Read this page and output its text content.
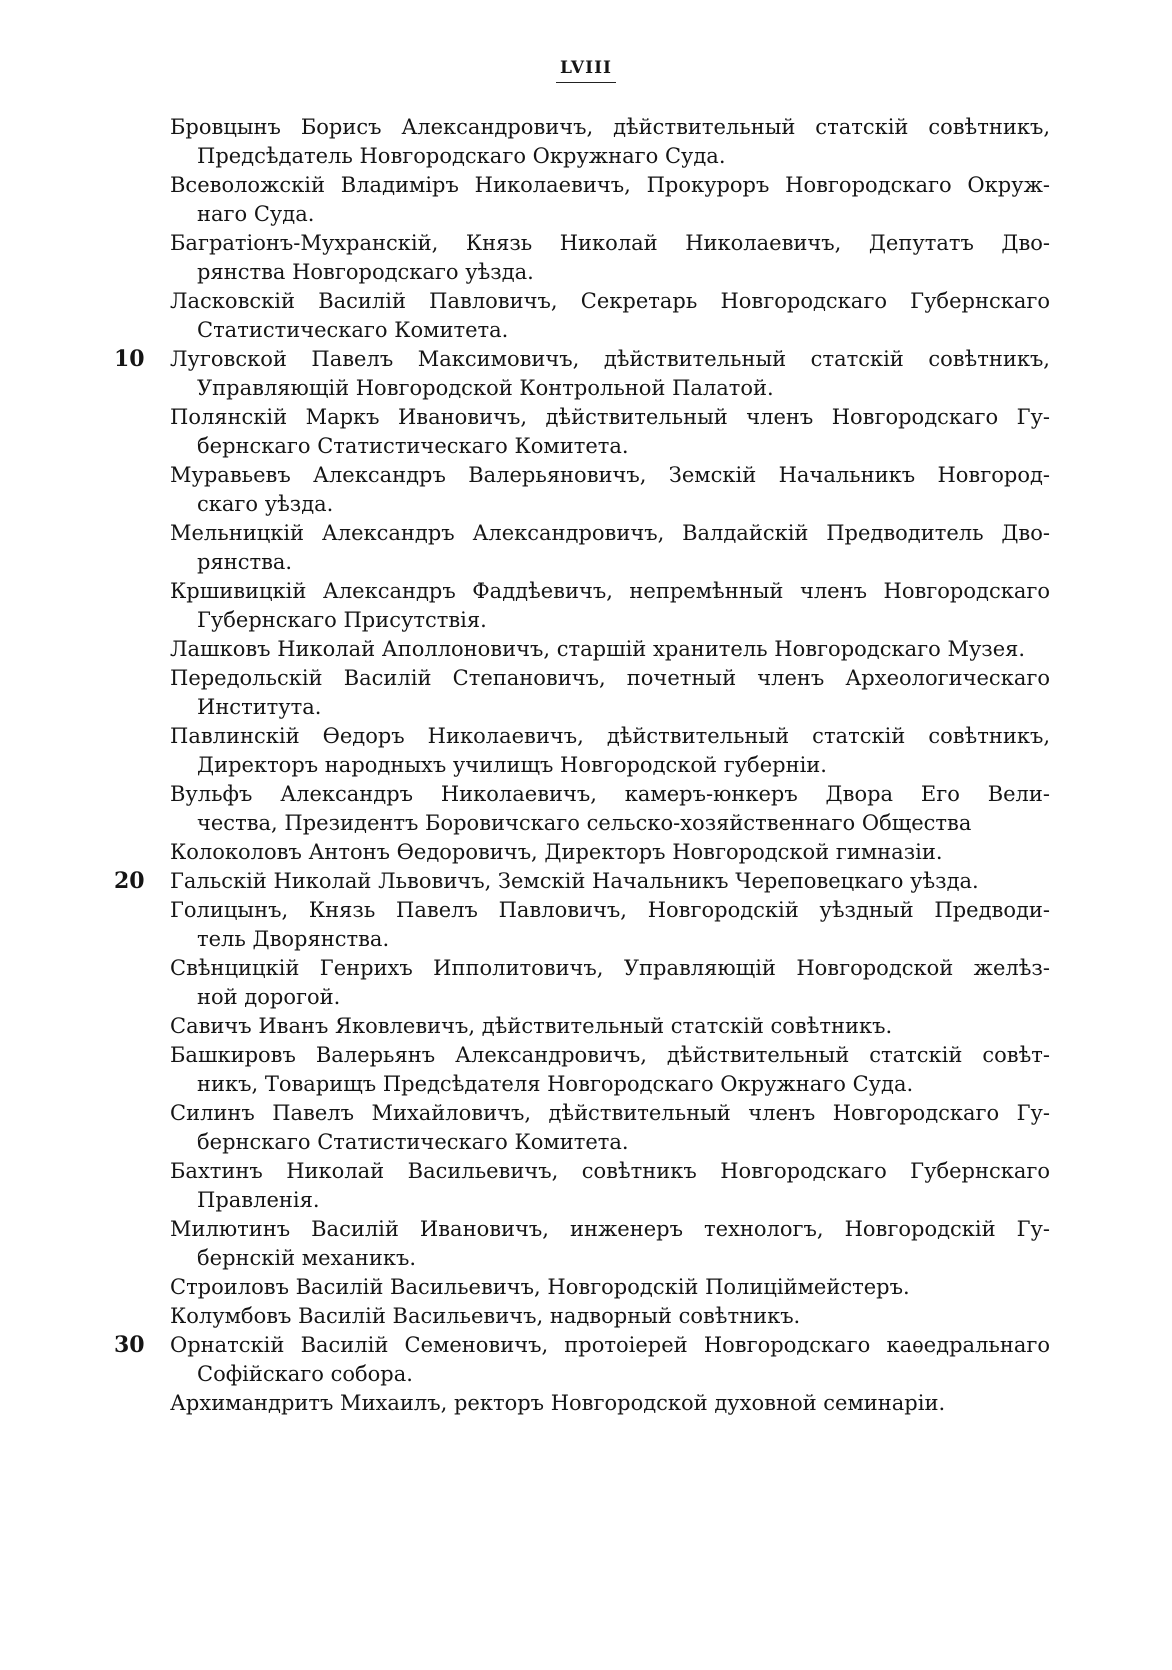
LVIII
Бровцынъ Борисъ Александровичъ, дѣйствительный статскій совѣтникъ,
Предсѣдатель Новгородскаго Окружнаго Суда.
Всеволожскій Владиміръ Николаевичъ, Прокуроръ Новгородскаго Окруж-
наго Суда.
Багратіонъ-Мухранскій, Князь Николай Николаевичъ, Депутатъ Дво-
рянства Новгородскаго уѣзда.
Ласковскій Василій Павловичъ, Секретарь Новгородскаго Губернскаго
Статистическаго Комитета.
10	Луговской Павелъ Максимовичъ, дѣйствительный статскій совѣтникъ,
Управляющій Новгородской Контрольной Палатой.
Полянскій Маркъ Ивановичъ, дѣйствительный членъ Новгородскаго Гу-
бернскаго Статистическаго Комитета.
Муравьевъ Александръ Валерьяновичъ, Земскій Начальникъ Новгород-
скаго уѣзда.
Мельницкій Александръ Александровичъ, Валдайскій Предводитель Дво-
рянства.
Кршивицкій Александръ Фаддѣевичъ, непремѣнный членъ Новгородскаго
Губернскаго Присутствія.
Лашковъ Николай Аполлоновичъ, старшій хранитель Новгородскаго Музея.
Передольскій Василій Степановичъ, почетный членъ Археологическаго
Института.
Павлинскій Ѳедоръ Николаевичъ, дѣйствительный статскій совѣтникъ,
Директоръ народныхъ училищъ Новгородской губерніи.
Вульфъ Александръ Николаевичъ, камеръ-юнкеръ Двора Его Вели-
чества, Президентъ Боровичскаго сельско-хозяйственнаго Общества
Колоколовъ Антонъ Ѳедоровичъ, Директоръ Новгородской гимназіи.
20	Гальскій Николай Львовичъ, Земскій Начальникъ Череповецкаго уѣзда.
Голицынъ, Князь Павелъ Павловичъ, Новгородскій уѣздный Предводи-
тель Дворянства.
Свѣнцицкій Генрихъ Ипполитовичъ, Управляющій Новгородской желѣз-
ной дорогой.
Савичъ Иванъ Яковлевичъ, дѣйствительный статскій совѣтникъ.
Башкировъ Валерьянъ Александровичъ, дѣйствительный статскій совѣт-
никъ, Товарищъ Предсѣдателя Новгородскаго Окружнаго Суда.
Силинъ Павелъ Михайловичъ, дѣйствительный членъ Новгородскаго Гу-
бернскаго Статистическаго Комитета.
Бахтинъ Николай Васильевичъ, совѣтникъ Новгородскаго Губернскаго
Правленія.
Милютинъ Василій Ивановичъ, инженеръ технологъ, Новгородскій Гу-
бернскій механикъ.
Строиловъ Василій Васильевичъ, Новгородскій Полиціймейстеръ.
Колумбовъ Василій Васильевичъ, надворный совѣтникъ.
30	Орнатскій Василій Семеновичъ, протоіерей Новгородскаго каѳедральнаго
Софійскаго собора.
Архимандритъ Михаилъ, ректоръ Новгородской духовной семинаріи.
